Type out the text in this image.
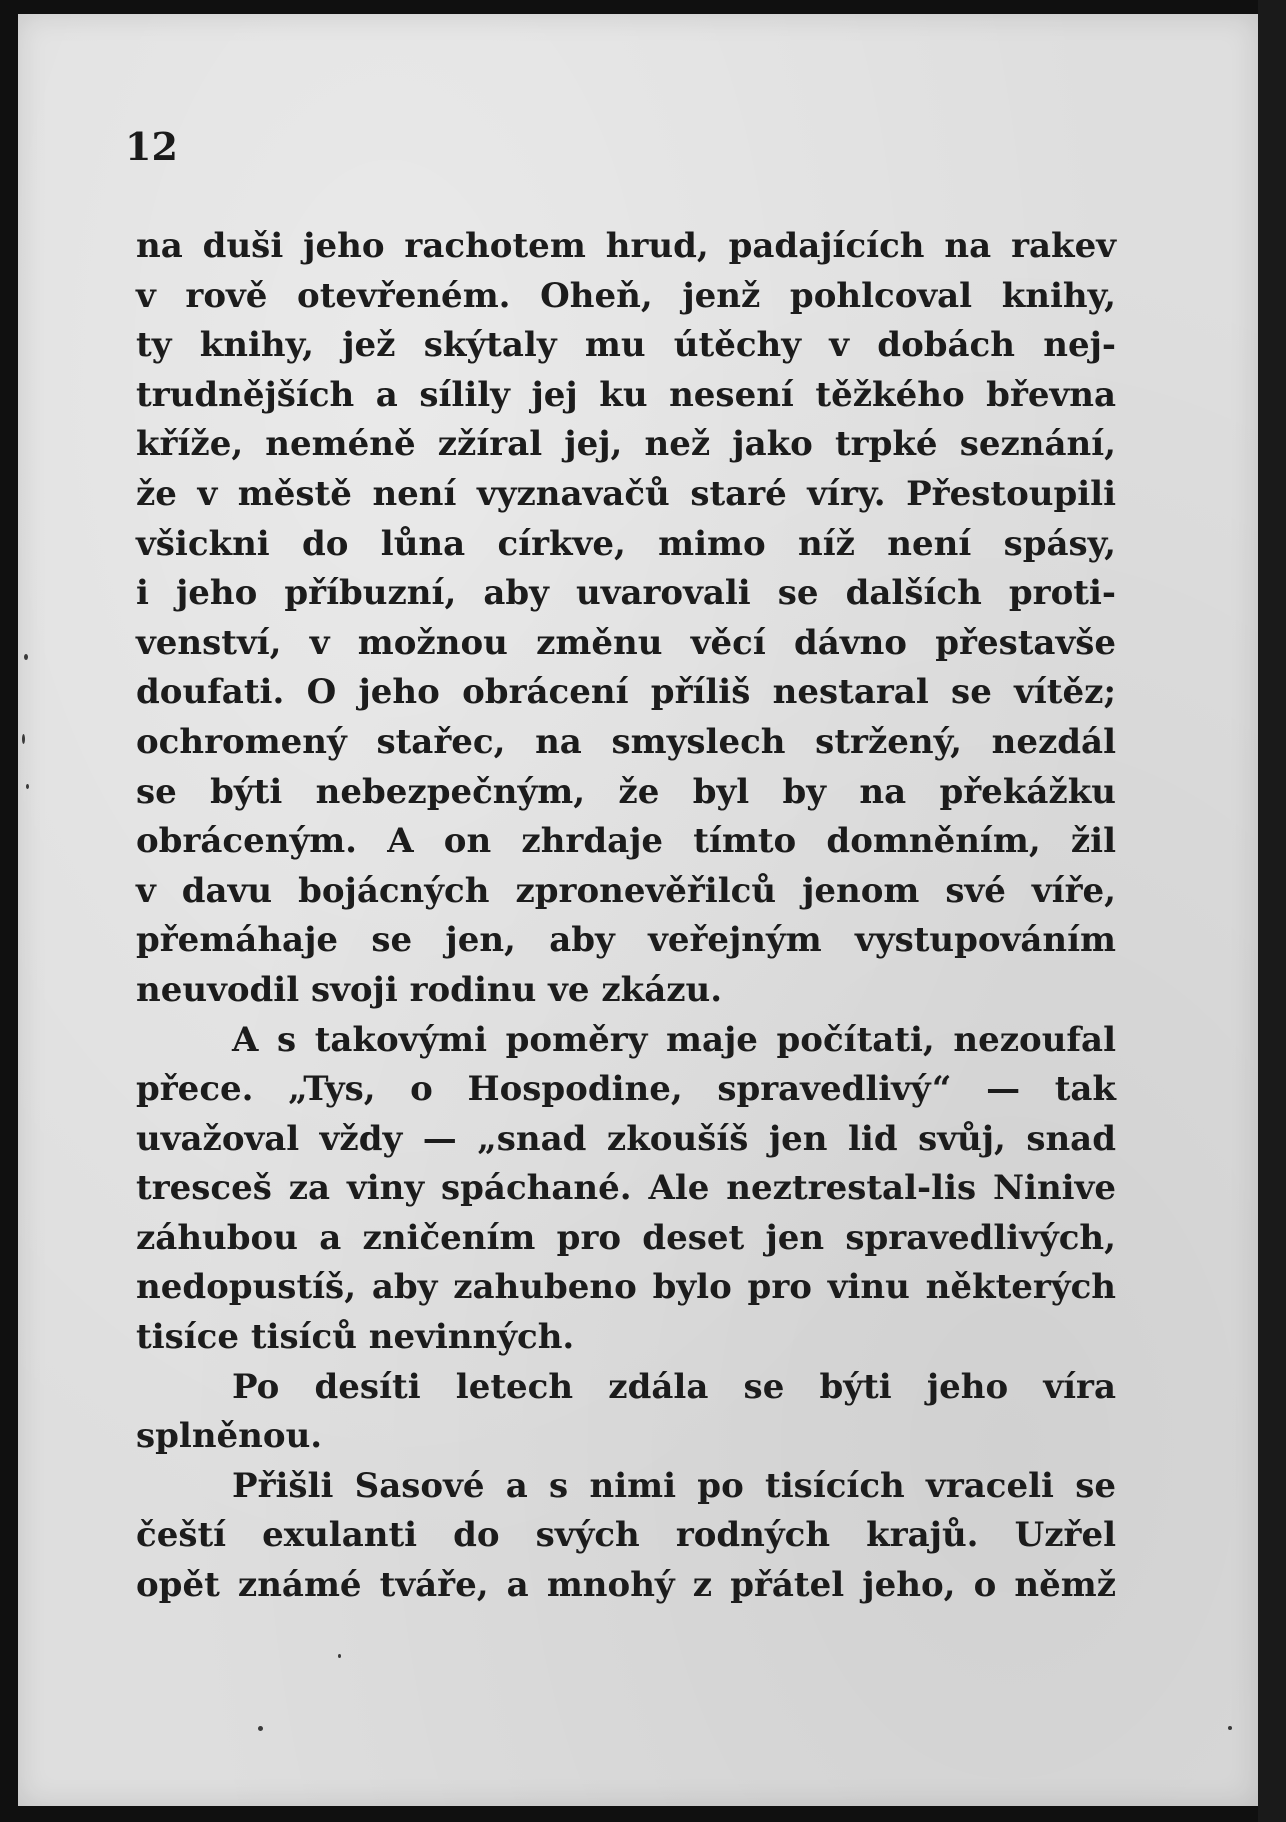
12
na duši jeho rachotem hrud, padajících na rakev
v rově otevřeném. Oheň, jenž pohlcoval knihy,
ty knihy, jež skýtaly mu útěchy v dobách nej-
trudnějších a sílily jej ku nesení těžkého břevna
kříže, neméně zžíral jej, než jako trpké seznání,
že v městě není vyznavačů staré víry. Přestoupili
všickni do lůna církve, mimo níž není spásy,
i jeho příbuzní, aby uvarovali se dalších proti-
venství, v možnou změnu věcí dávno přestavše
doufati. O jeho obrácení příliš nestaral se vítěz;
ochromený stařec, na smyslech stržený, nezdál
se býti nebezpečným, že byl by na překážku
obráceným. A on zhrdaje tímto domněním, žil
v davu bojácných zpronevěřilců jenom své víře,
přemáhaje se jen, aby veřejným vystupováním
neuvodil svoji rodinu ve zkázu.
A s takovými poměry maje počítati, nezoufal
přece. „Tys, o Hospodine, spravedlivý“ — tak
uvažoval vždy — „snad zkoušíš jen lid svůj, snad
tresceš za viny spáchané. Ale neztrestal-lis Ninive
záhubou a zničením pro deset jen spravedlivých,
nedopustíš, aby zahubeno bylo pro vinu některých
tisíce tisíců nevinných.
Po desíti letech zdála se býti jeho víra
splněnou.
Přišli Sasové a s nimi po tisících vraceli se
čeští exulanti do svých rodných krajů. Uzřel
opět známé tváře, a mnohý z přátel jeho, o němž
